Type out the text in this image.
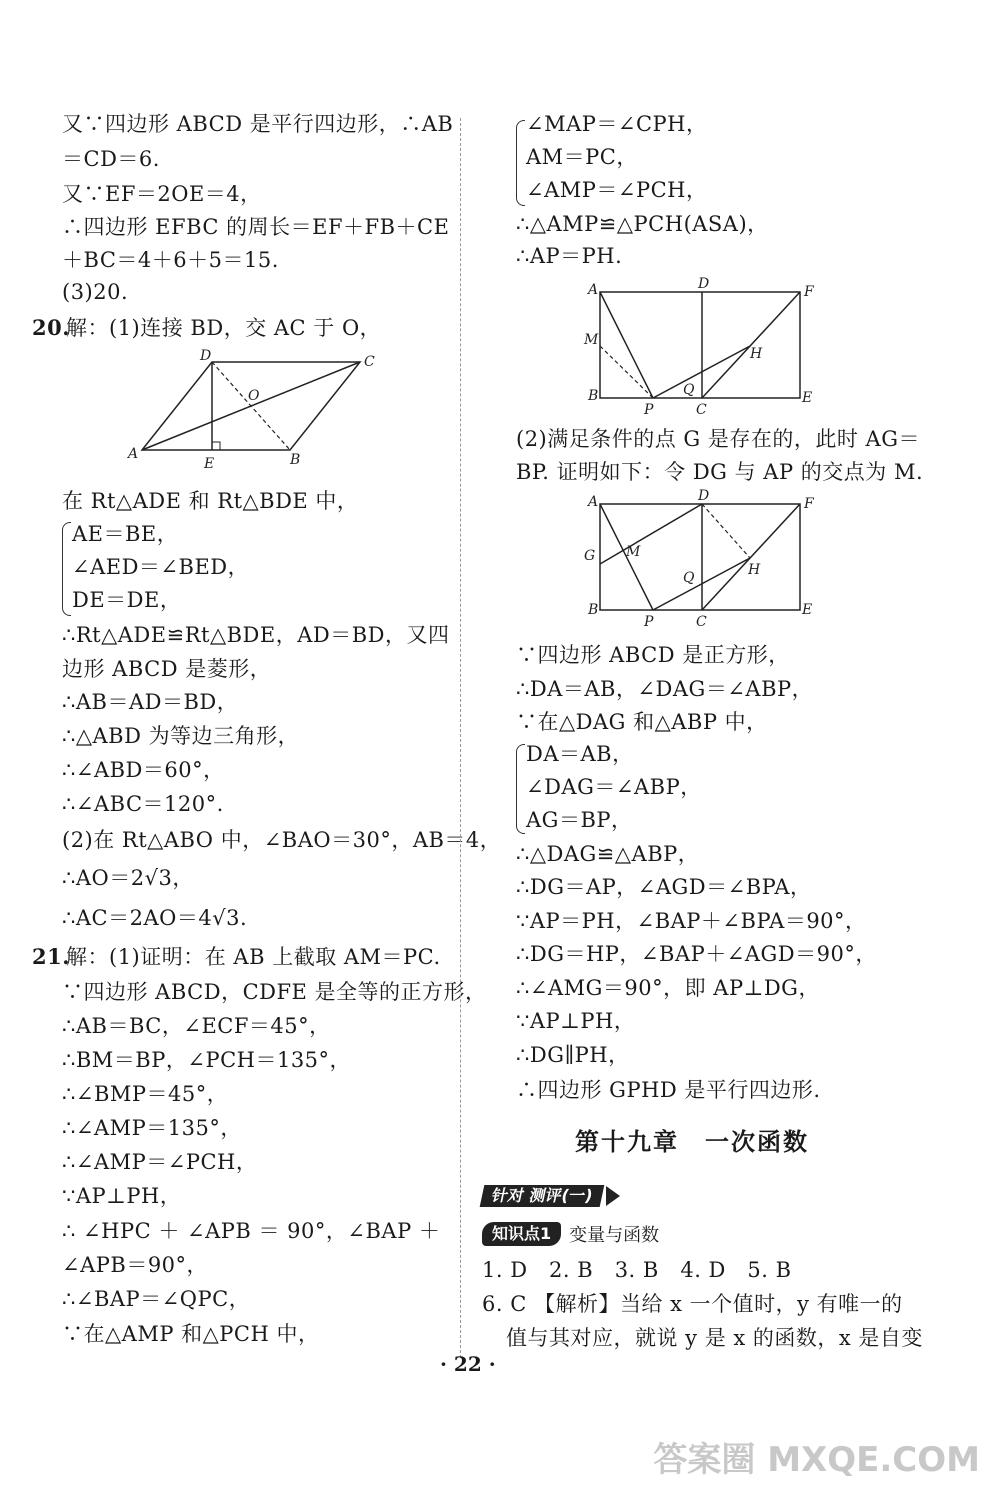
又∵四边形 ABCD 是平行四边形，∴AB
＝CD＝6.
又∵EF＝2OE＝4，
∴四边形 EFBC 的周长＝EF＋FB＋CE
＋BC＝4＋6＋5＝15.
(3)20.
20.
解：(1)连接 BD，交 AC 于 O，
A	B
C
D
E
O
在 Rt△ADE 和 Rt△BDE 中，
AE＝BE，
∠AED＝∠BED，
DE＝DE，
∴Rt△ADE≌Rt△BDE，AD＝BD，又四
边形 ABCD 是菱形，
∴AB＝AD＝BD，
∴△ABD 为等边三角形，
∴∠ABD＝60°，
∴∠ABC＝120°.
(2)在 Rt△ABO 中，∠BAO＝30°，AB＝4，
∴AO＝2√3，
∴AC＝2AO＝4√3.
21.
解：(1)证明：在 AB 上截取 AM＝PC.
∵四边形 ABCD，CDFE 是全等的正方形，
∴AB＝BC，∠ECF＝45°，
∴BM＝BP，∠PCH＝135°，
∴∠BMP＝45°，
∴∠AMP＝135°，
∴∠AMP＝∠PCH，
∵AP⊥PH，
∴ ∠HPC ＋ ∠APB ＝ 90°，∠BAP ＋
∠APB＝90°，
∴∠BAP＝∠QPC，
∵在△AMP 和△PCH 中，
∠MAP＝∠CPH，
AM＝PC，
∠AMP＝∠PCH，
∴△AMP≌△PCH(ASA)，
∴AP＝PH.
A	D	F
M
Q
H
B
P	C
E
(2)满足条件的点 G 是存在的，此时 AG＝
BP. 证明如下：令 DG 与 AP 的交点为 M.
A	D	F
G M
Q	H
B
P	C
E
∵四边形 ABCD 是正方形，
∴DA＝AB，∠DAG＝∠ABP，
∵在△DAG 和△ABP 中，
DA＝AB，
∠DAG＝∠ABP，
AG＝BP，
∴△DAG≌△ABP，
∴DG＝AP，∠AGD＝∠BPA，
∵AP＝PH，∠BAP＋∠BPA＝90°，
∴DG＝HP，∠BAP＋∠AGD＝90°，
∴∠AMG＝90°，即 AP⊥DG，
∵AP⊥PH，
∴DG∥PH，
∴四边形 GPHD 是平行四边形.
第十九章　一次函数
针对 测评(一)
知识点1	变量与函数
1. D　2. B　3. B　4. D　5. B
6. C 【解析】当给 x 一个值时，y 有唯一的
值与其对应，就说 y 是 x 的函数，x 是自变
· 22 ·
答案圈 MXQE.COM
